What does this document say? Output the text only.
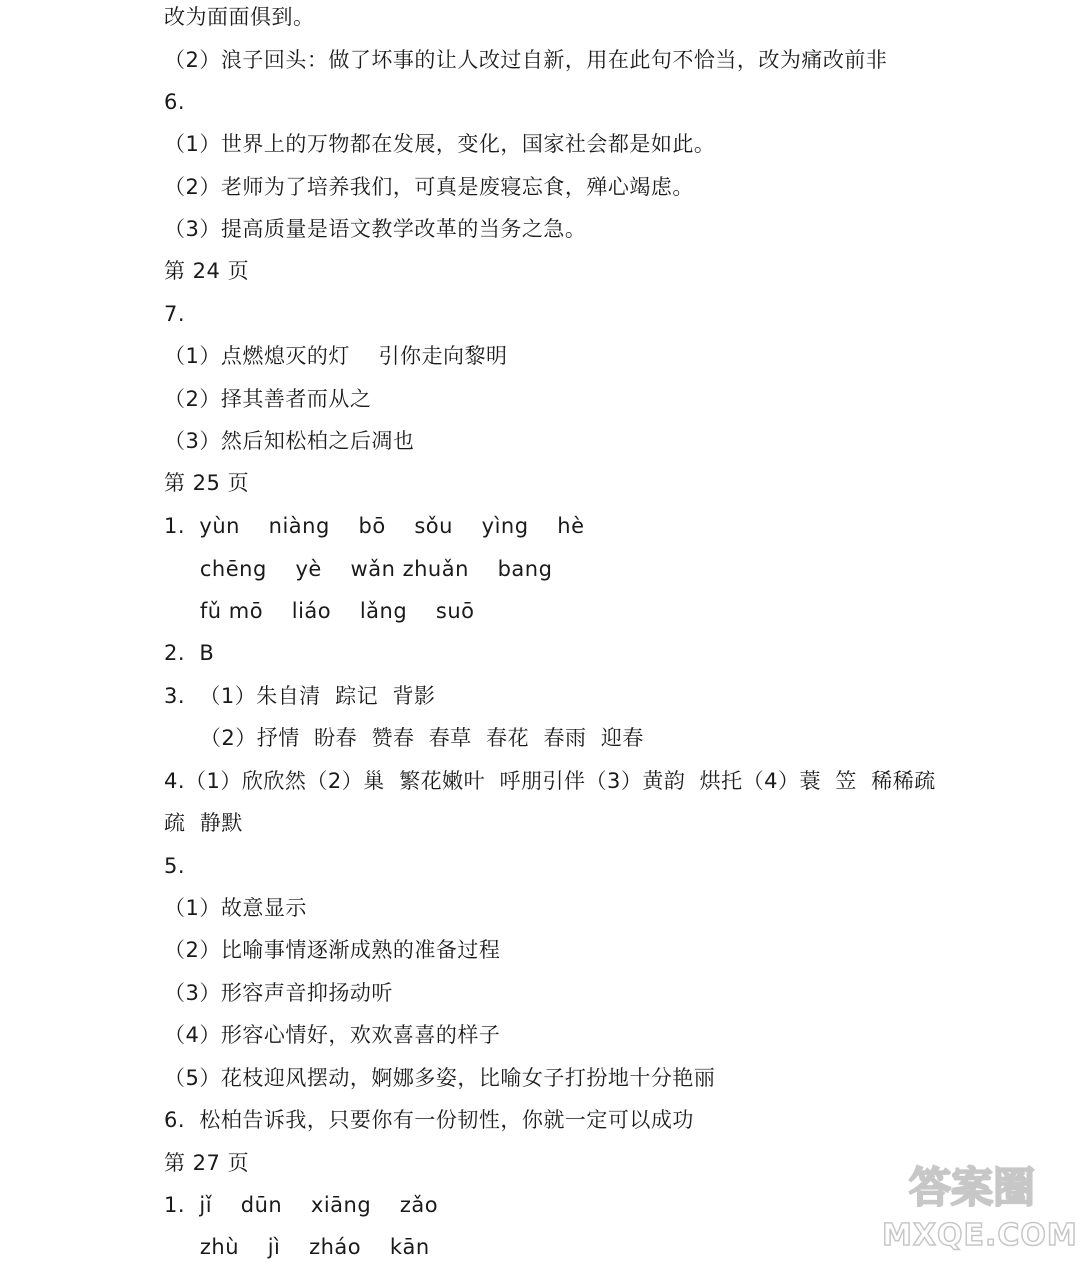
改为面面俱到。
（2）浪子回头：做了坏事的让人改过自新，用在此句不恰当，改为痛改前非
6.
（1）世界上的万物都在发展，变化，国家社会都是如此。
（2）老师为了培养我们，可真是废寝忘食，殚心竭虑。
（3）提高质量是语文教学改革的当务之急。
第 24 页
7.
（1）点燃熄灭的灯    引你走向黎明
（2）择其善者而从之
（3）然后知松柏之后凋也
第 25 页
1.  yùn    niàng    bō    sǒu    yìng    hè
chēng    yè    wǎn zhuǎn    bang
fǔ mō    liáo    lǎng    suō
2.  B
3.  （1）朱自清  踪记  背影
（2）抒情  盼春  赞春  春草  春花  春雨  迎春
4.（1）欣欣然（2）巢  繁花嫩叶  呼朋引伴（3）黄韵  烘托（4）蓑  笠  稀稀疏
疏  静默
5.
（1）故意显示
（2）比喻事情逐渐成熟的准备过程
（3）形容声音抑扬动听
（4）形容心情好，欢欢喜喜的样子
（5）花枝迎风摆动，婀娜多姿，比喻女子打扮地十分艳丽
6.  松柏告诉我，只要你有一份韧性，你就一定可以成功
第 27 页
1.  jǐ    dūn    xiāng    zǎo
zhù    jì    zháo    kān
答案圈
MXQE.COM
